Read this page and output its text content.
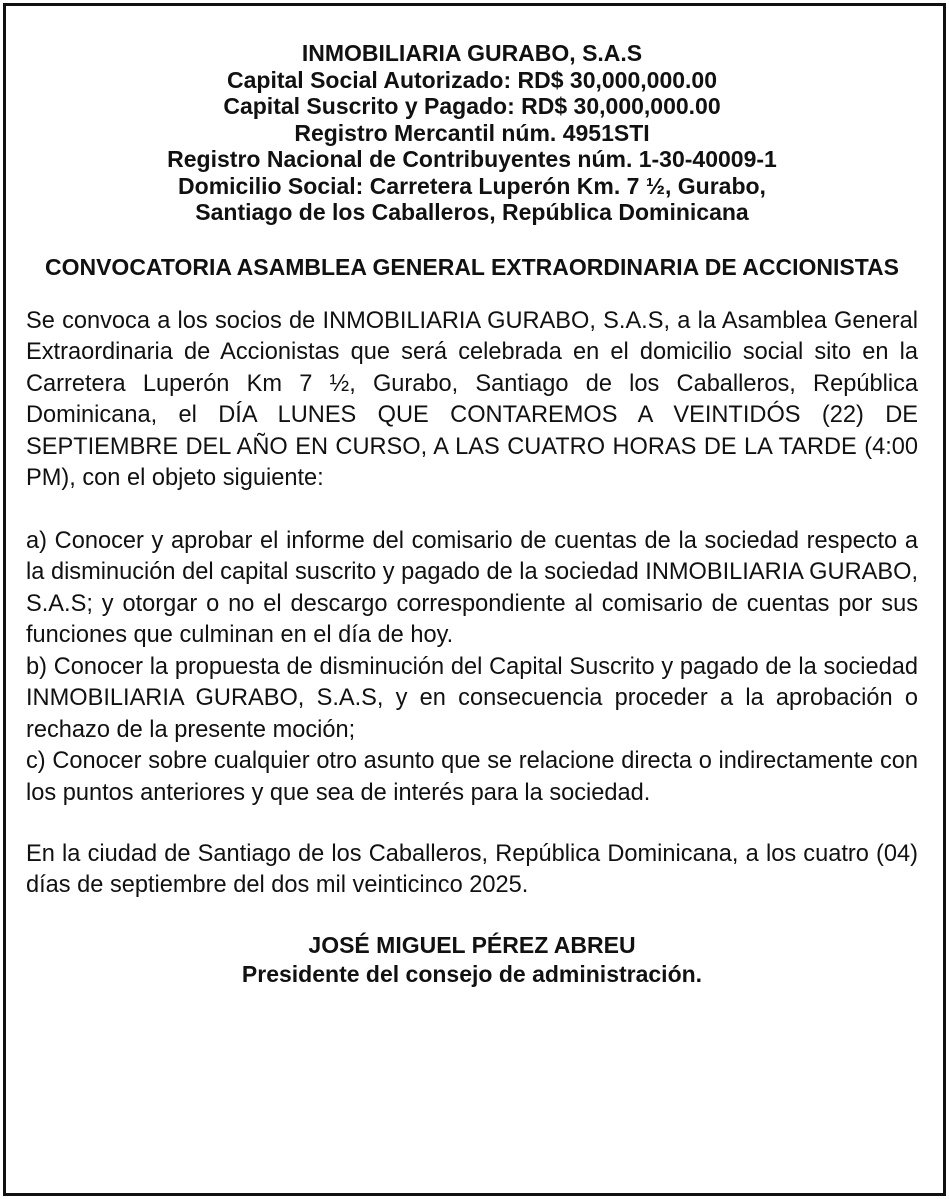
INMOBILIARIA GURABO, S.A.S
Capital Social Autorizado: RD$ 30,000,000.00
Capital Suscrito y Pagado: RD$ 30,000,000.00
Registro Mercantil núm. 4951STI
Registro Nacional de Contribuyentes núm. 1-30-40009-1
Domicilio Social: Carretera Luperón Km. 7 ½, Gurabo,
Santiago de los Caballeros, República Dominicana
CONVOCATORIA ASAMBLEA GENERAL EXTRAORDINARIA DE ACCIONISTAS
Se convoca a los socios de INMOBILIARIA GURABO, S.A.S, a la Asamblea General Extraordinaria de Accionistas que será celebrada en el domicilio social sito en la Carretera Luperón Km 7 ½, Gurabo, Santiago de los Caballeros, República Dominicana, el DÍA LUNES QUE CONTAREMOS A VEINTIDÓS (22) DE SEPTIEMBRE DEL AÑO EN CURSO, A LAS CUATRO HORAS DE LA TARDE (4:00 PM), con el objeto siguiente:

a) Conocer y aprobar el informe del comisario de cuentas de la sociedad respecto a la disminución del capital suscrito y pagado de la sociedad INMOBILIARIA GURABO, S.A.S; y otorgar o no el descargo correspondiente al comisario de cuentas por sus funciones que culminan en el día de hoy.

b) Conocer la propuesta de disminución del Capital Suscrito y pagado de la sociedad INMOBILIARIA GURABO, S.A.S, y en consecuencia proceder a la aprobación o rechazo de la presente moción;

c) Conocer sobre cualquier otro asunto que se relacione directa o indirectamente con los puntos anteriores y que sea de interés para la sociedad.

En la ciudad de Santiago de los Caballeros, República Dominicana, a los cuatro (04) días de septiembre del dos mil veinticinco 2025.
JOSÉ MIGUEL PÉREZ ABREU
Presidente del consejo de administración.
